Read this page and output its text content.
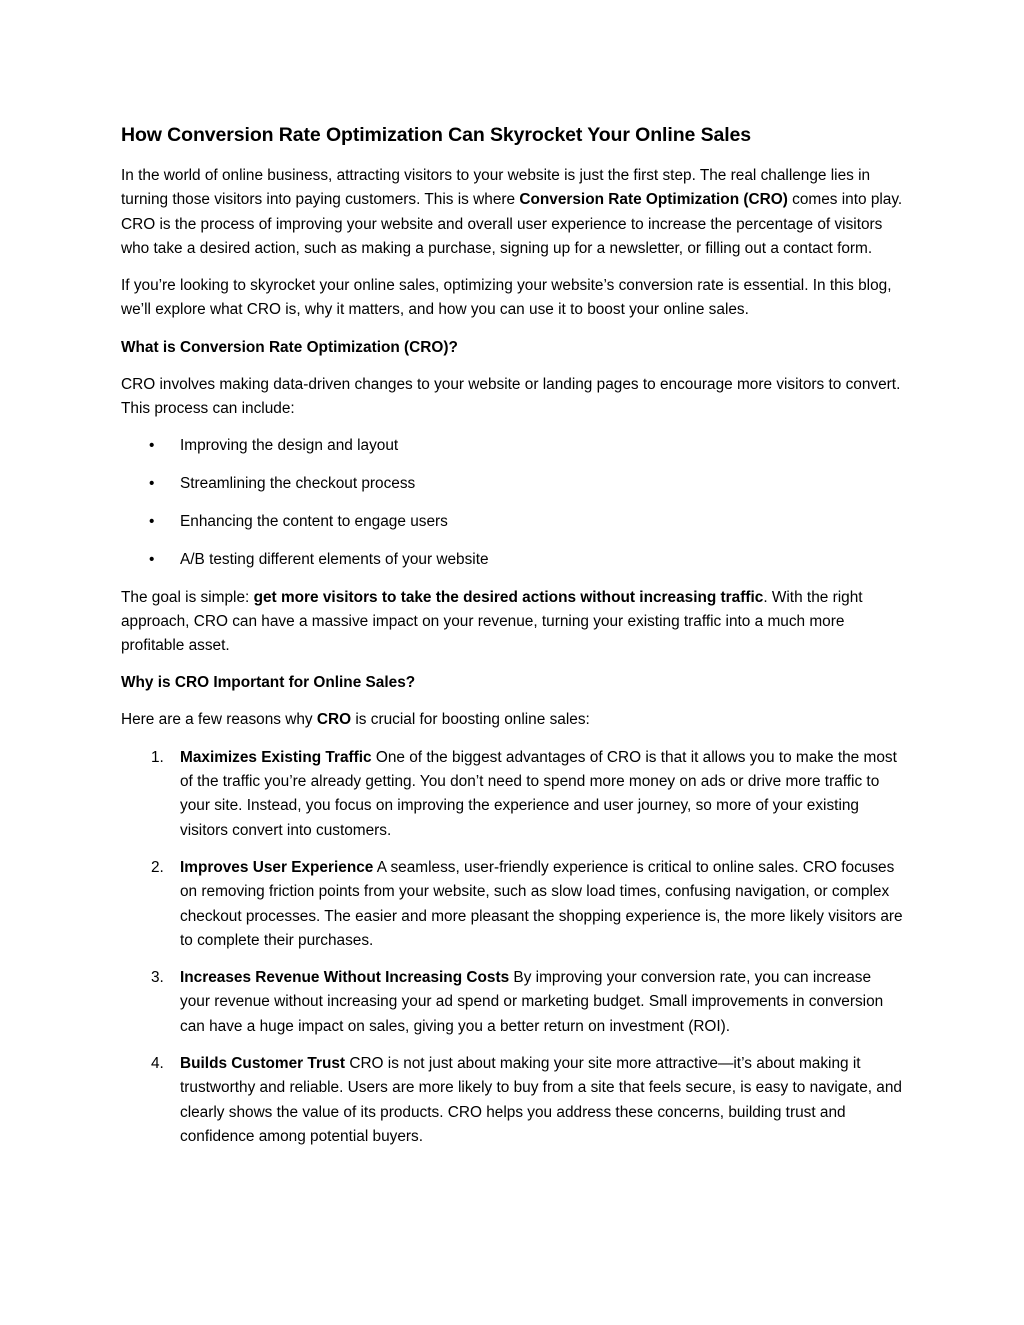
How Conversion Rate Optimization Can Skyrocket Your Online Sales

In the world of online business, attracting visitors to your website is just the first step. The real challenge lies in turning those visitors into paying customers. This is where Conversion Rate Optimization (CRO) comes into play. CRO is the process of improving your website and overall user experience to increase the percentage of visitors who take a desired action, such as making a purchase, signing up for a newsletter, or filling out a contact form.

If you’re looking to skyrocket your online sales, optimizing your website’s conversion rate is essential. In this blog, we’ll explore what CRO is, why it matters, and how you can use it to boost your online sales.

What is Conversion Rate Optimization (CRO)?

CRO involves making data-driven changes to your website or landing pages to encourage more visitors to convert. This process can include:

• Improving the design and layout
• Streamlining the checkout process
• Enhancing the content to engage users
• A/B testing different elements of your website

The goal is simple: get more visitors to take the desired actions without increasing traffic. With the right approach, CRO can have a massive impact on your revenue, turning your existing traffic into a much more profitable asset.

Why is CRO Important for Online Sales?

Here are a few reasons why CRO is crucial for boosting online sales:

1. Maximizes Existing Traffic One of the biggest advantages of CRO is that it allows you to make the most of the traffic you’re already getting. You don’t need to spend more money on ads or drive more traffic to your site. Instead, you focus on improving the experience and user journey, so more of your existing visitors convert into customers.
2. Improves User Experience A seamless, user-friendly experience is critical to online sales. CRO focuses on removing friction points from your website, such as slow load times, confusing navigation, or complex checkout processes. The easier and more pleasant the shopping experience is, the more likely visitors are to complete their purchases.
3. Increases Revenue Without Increasing Costs By improving your conversion rate, you can increase your revenue without increasing your ad spend or marketing budget. Small improvements in conversion can have a huge impact on sales, giving you a better return on investment (ROI).
4. Builds Customer Trust CRO is not just about making your site more attractive—it’s about making it trustworthy and reliable. Users are more likely to buy from a site that feels secure, is easy to navigate, and clearly shows the value of its products. CRO helps you address these concerns, building trust and confidence among potential buyers.
